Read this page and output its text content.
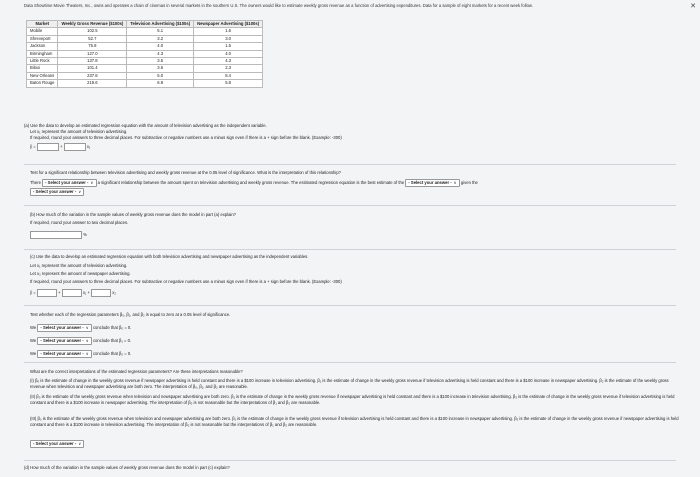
Data Showtime Movie Theaters, Inc., owns and operates a chain of cinemas in several markets in the southern U.S. The owners would like to estimate weekly gross revenue as a function of advertising expenditures. Data for a sample of eight markets for a recent week follow.	✕
Market	Weekly Gross Revenue ($100s)	Television Advertising ($100s)	Newspaper Advertising ($100s)
Mobile	102.5	5.1	1.6
Shreveport	52.7	3.2	3.0
Jackson	75.8	4.0	1.5
Birmingham	127.0	4.3	4.0
Little Rock	137.8	3.5	4.3
Biloxi	101.4	3.6	2.3
New Orleans	237.8	5.0	8.4
Baton Rouge	219.6	6.9	5.8
(a) Use the data to develop an estimated regression equation with the amount of television advertising as the independent variable.
Let x₁ represent the amount of television advertising.
If required, round your answers to three decimal places. For subtractive or negative numbers use a minus sign even if there is a + sign before the blank. (Example: -300)
ŷ =	+	x₁
Test for a significant relationship between television advertising and weekly gross revenue at the 0.05 level of significance. What is the interpretation of this relationship?
There - Select your answer - ∨ a significant relationship between the amount spent on television advertising and weekly gross revenue. The estimated regression equation is the best estimate of the - Select your answer - ∨ given the
- Select your answer - ∨
(b) How much of the variation in the sample values of weekly gross revenue does the model in part (a) explain?
If required, round your answer to two decimal places.
%
(c) Use the data to develop an estimated regression equation with both television advertising and newspaper advertising as the independent variables.
Let x₁ represent the amount of television advertising.
Let x₂ represent the amount of newspaper advertising.
If required, round your answers to three decimal places. For subtractive or negative numbers use a minus sign even if there is a + sign before the blank. (Example: -300)
ŷ =	+	x₁ +	x₂
Test whether each of the regression parameters β₀, β₁, and β₂ is equal to zero at a 0.05 level of significance.
We - Select your answer - ∨ conclude that β₀ = 0.
We - Select your answer - ∨ conclude that β₁ = 0.
We - Select your answer - ∨ conclude that β₂ = 0.
What are the correct interpretations of the estimated regression parameters? Are these interpretations reasonable?
(I) β₀ is the estimate of change in the weekly gross revenue if newspaper advertising is held constant and there is a $100 increase in television advertising. β₁ is the estimate of change in the weekly gross revenue if television advertising is held constant and there is a $100 increase in newspaper advertising. β₂ is the estimate of the weekly gross revenue when television and newspaper advertising are both zero. The interpretation of β₀, β₁, and β₂ are reasonable.
(II) β₀ is the estimate of the weekly gross revenue when television and newspaper advertising are both zero. β₁ is the estimate of change in the weekly gross revenue if newspaper advertising is held constant and there is a $100 increase in television advertising. β₂ is the estimate of change in the weekly gross revenue if television advertising is held constant and there is a $100 increase in newspaper advertising. The interpretation of β₀ is not reasonable but the interpretations of β₁ and β₂ are reasonable.
(III) β₀ is the estimate of the weekly gross revenue when television and newspaper advertising are both zero. β₁ is the estimate of change in the weekly gross revenue if television advertising is held constant and there is a $100 increase in newspaper advertising. β₂ is the estimate of change in the weekly gross revenue if newspaper advertising is held constant and there is a $100 increase in television advertising. The interpretation of β₀ is not reasonable but the interpretations of β₁ and β₂ are reasonable.
- Select your answer - ∨
(d) How much of the variation in the sample values of weekly gross revenue does the model in part (c) explain?
